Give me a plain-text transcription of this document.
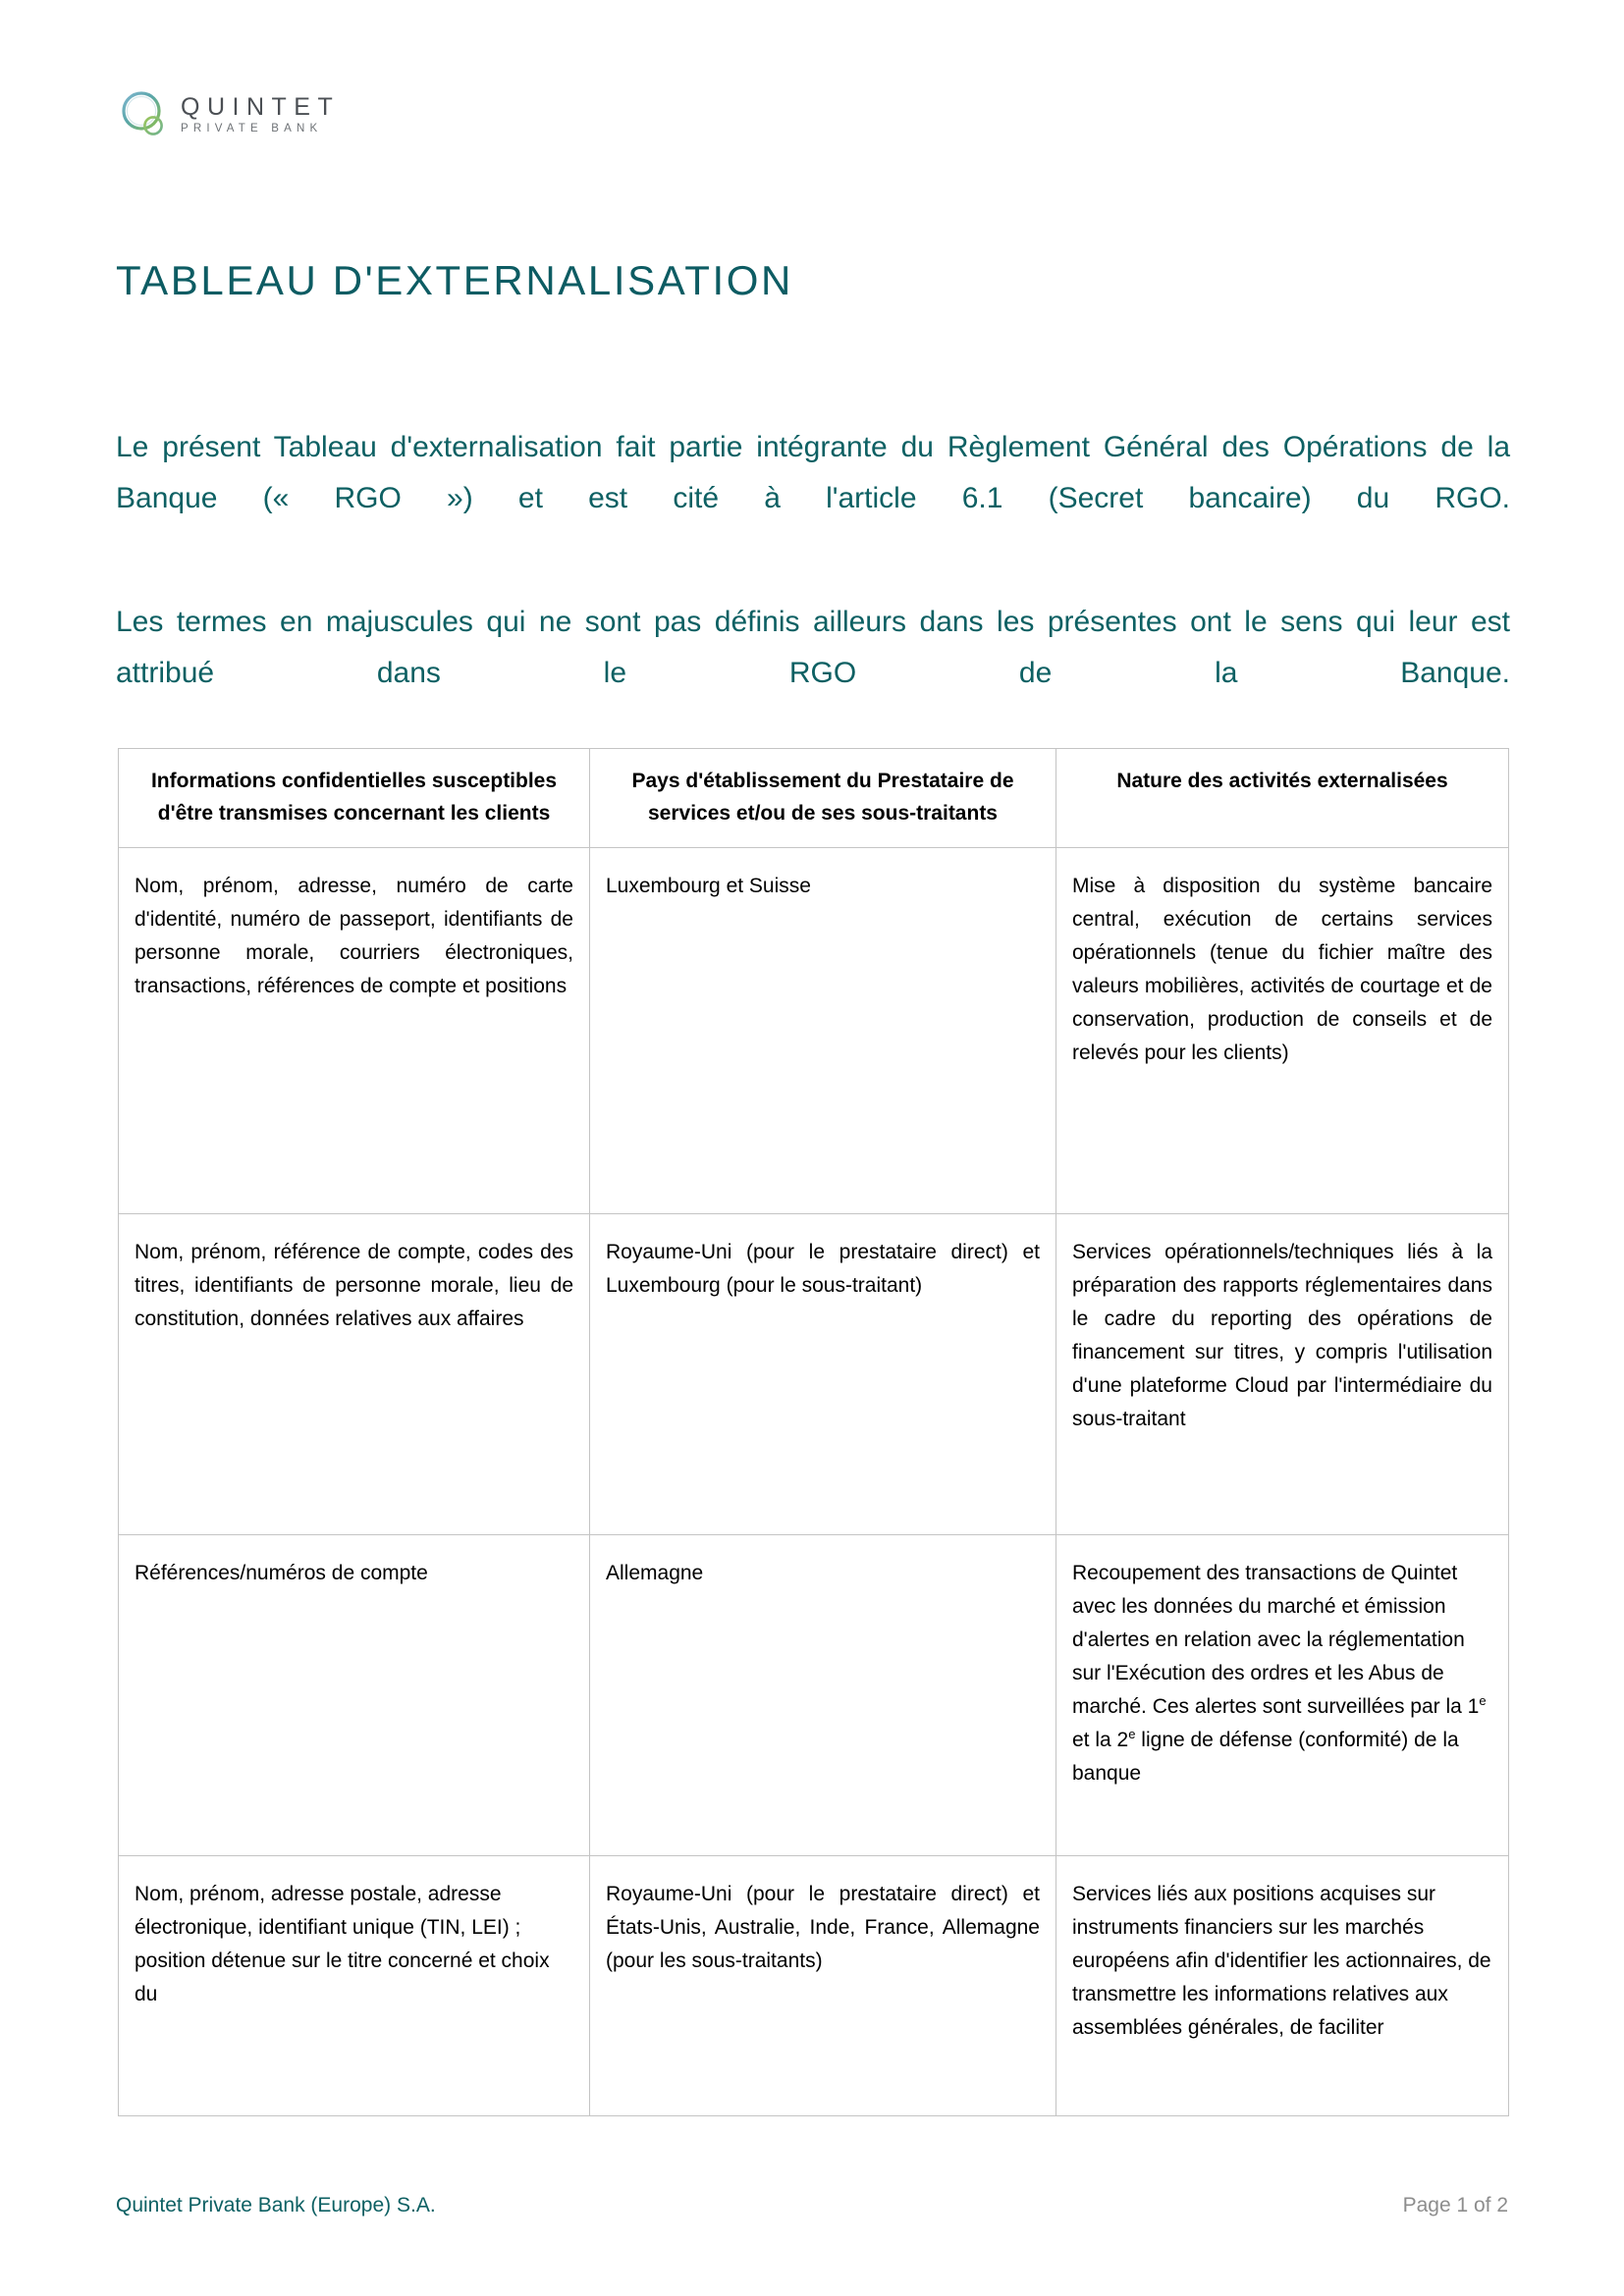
QUINTET
PRIVATE BANK
TABLEAU D'EXTERNALISATION

Le présent Tableau d'externalisation fait partie intégrante du Règlement Général des Opérations de la Banque (« RGO ») et est cité à l'article 6.1 (Secret bancaire) du RGO.

Les termes en majuscules qui ne sont pas définis ailleurs dans les présentes ont le sens qui leur est attribué dans le RGO de la Banque.

Informations confidentielles susceptibles d'être transmises concernant les clients	Pays d'établissement du Prestataire de services et/ou de ses sous-traitants	Nature des activités externalisées
Nom, prénom, adresse, numéro de carte d'identité, numéro de passeport, identifiants de personne morale, courriers électroniques, transactions, références de compte et positions	Luxembourg et Suisse	Mise à disposition du système bancaire central, exécution de certains services opérationnels (tenue du fichier maître des valeurs mobilières, activités de courtage et de conservation, production de conseils et de relevés pour les clients)
Nom, prénom, référence de compte, codes des titres, identifiants de personne morale, lieu de constitution, données relatives aux affaires	Royaume-Uni (pour le prestataire direct) et Luxembourg (pour le sous-traitant)	Services opérationnels/techniques liés à la préparation des rapports réglementaires dans le cadre du reporting des opérations de financement sur titres, y compris l'utilisation d'une plateforme Cloud par l'intermédiaire du sous-traitant
Références/numéros de compte	Allemagne	Recoupement des transactions de Quintet avec les données du marché et émission d'alertes en relation avec la réglementation sur l'Exécution des ordres et les Abus de marché. Ces alertes sont surveillées par la 1e et la 2e ligne de défense (conformité) de la banque
Nom, prénom, adresse postale, adresse électronique, identifiant unique (TIN, LEI) ; position détenue sur le titre concerné et choix du	Royaume-Uni (pour le prestataire direct) et États-Unis, Australie, Inde, France, Allemagne (pour les sous-traitants)	Services liés aux positions acquises sur instruments financiers sur les marchés européens afin d'identifier les actionnaires, de transmettre les informations relatives aux assemblées générales, de faciliter
Quintet Private Bank (Europe) S.A.	Page 1 of 2
